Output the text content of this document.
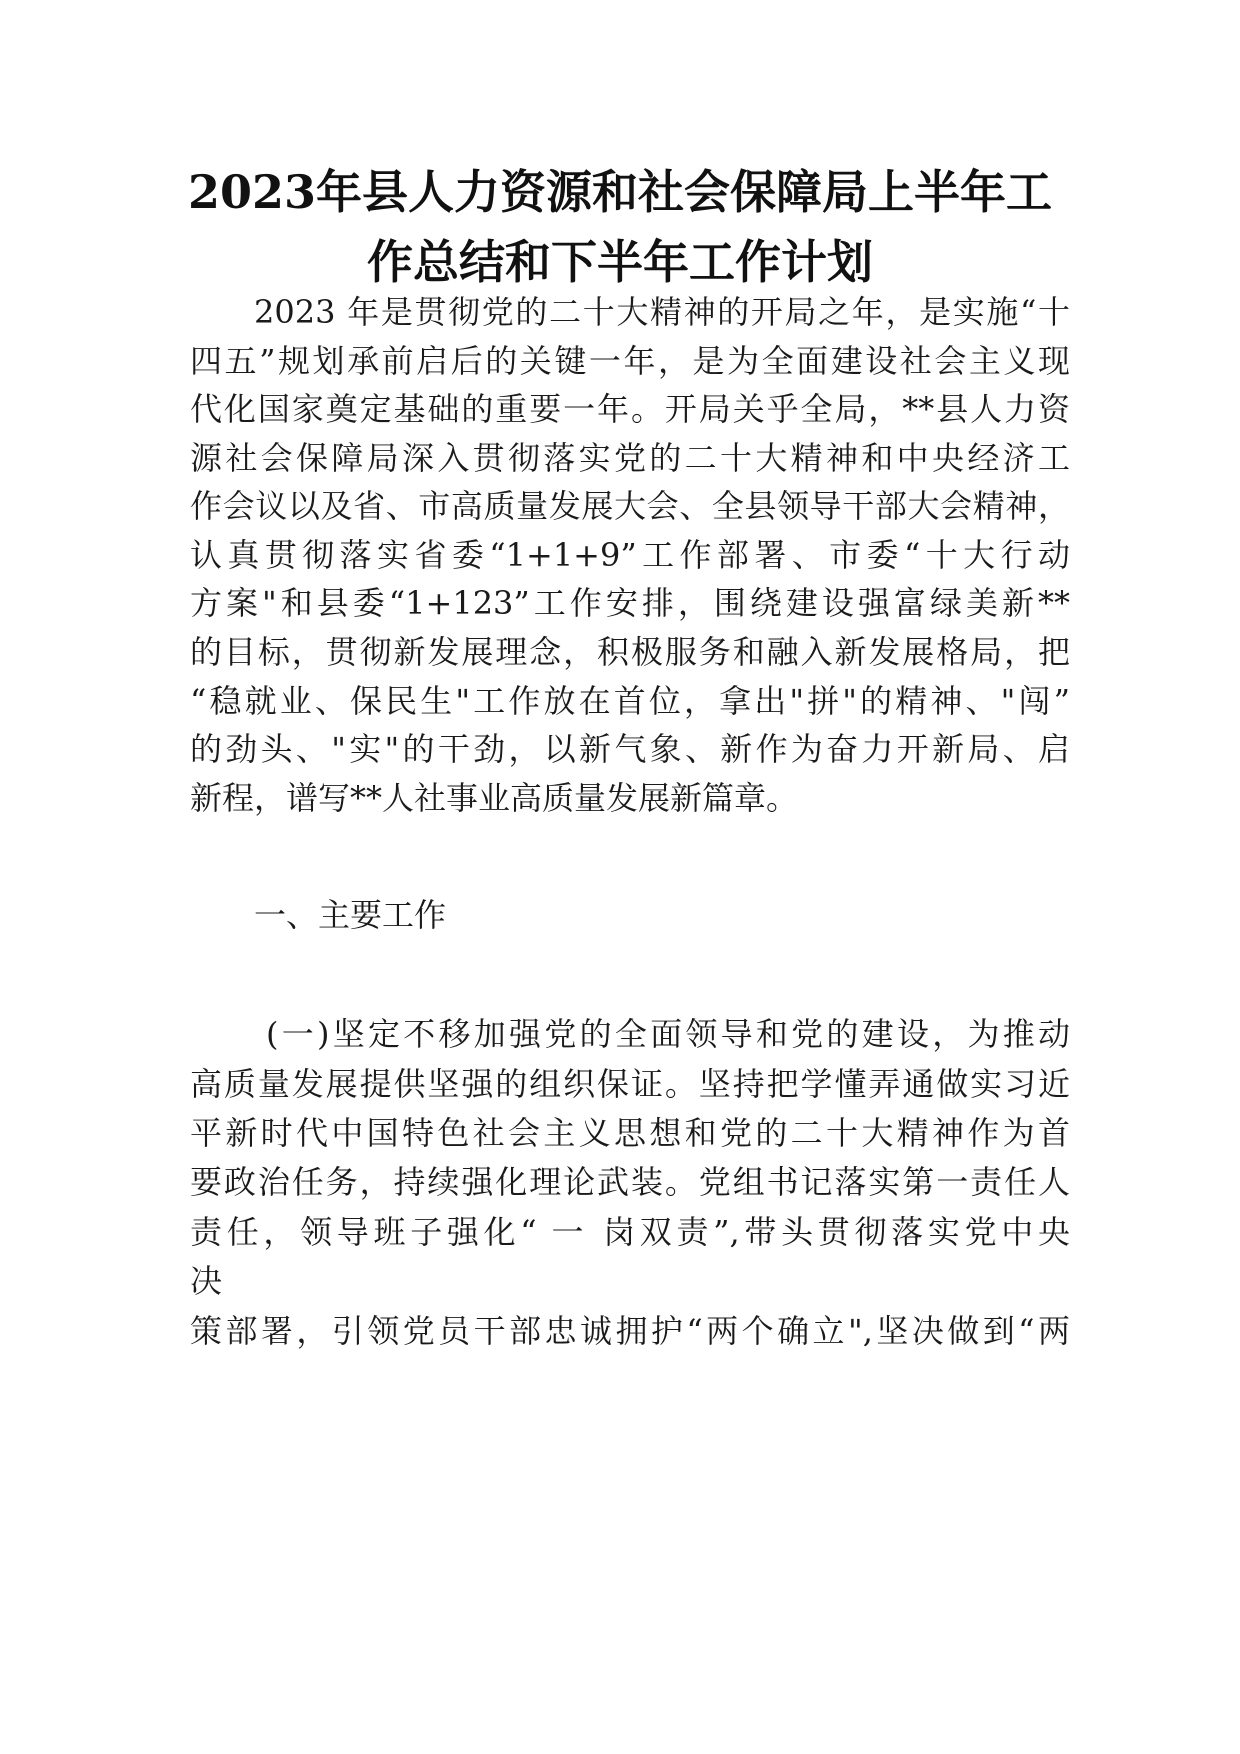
2023年县人力资源和社会保障局上半年工
作总结和下半年工作计划
2023 年是贯彻党的二十大精神的开局之年，是实施“十
四五”规划承前启后的关键一年，是为全面建设社会主义现
代化国家奠定基础的重要一年。开局关乎全局，**县人力资
源社会保障局深入贯彻落实党的二十大精神和中央经济工
作会议以及省、市高质量发展大会、全县领导干部大会精神，
认真贯彻落实省委“1+1+9”工作部署、市委“十大行动
方案"和县委“1+123”工作安排，围绕建设强富绿美新**
的目标，贯彻新发展理念，积极服务和融入新发展格局，把
“稳就业、保民生"工作放在首位，拿出"拼"的精神、"闯”
的劲头、"实"的干劲，以新气象、新作为奋力开新局、启
新程，谱写**人社事业高质量发展新篇章。
一、主要工作
(一)坚定不移加强党的全面领导和党的建设，为推动
高质量发展提供坚强的组织保证。坚持把学懂弄通做实习近
平新时代中国特色社会主义思想和党的二十大精神作为首
要政治任务，持续强化理论武装。党组书记落实第一责任人
责任，领导班子强化“ 一 岗双责”,带头贯彻落实党中央
决
策部署，引领党员干部忠诚拥护“两个确立",坚决做到“两
